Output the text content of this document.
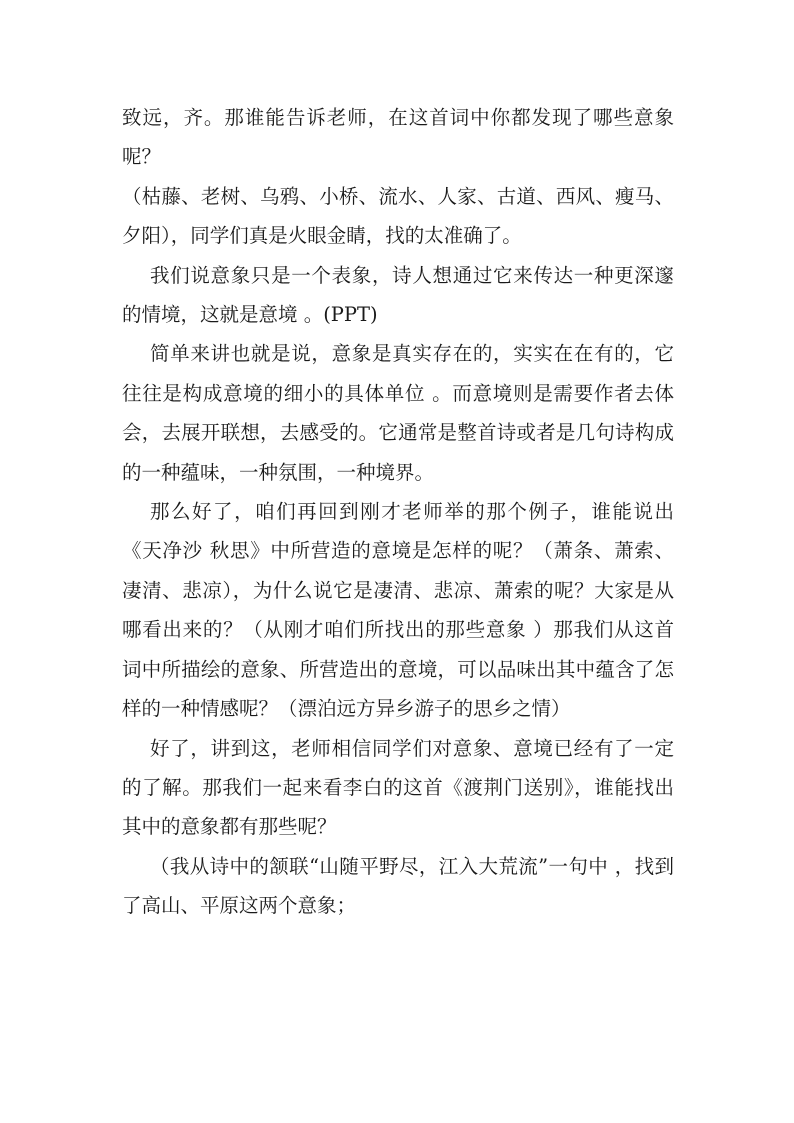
致远，齐。那谁能告诉老师，在这首词中你都发现了哪些意象呢？

（枯藤、老树、乌鸦、小桥、流水、人家、古道、西风、瘦马、夕阳），同学们真是火眼金睛，找的太准确了。

我们说意象只是一个表象，诗人想通过它来传达一种更深邃的情境，这就是意境 。(PPT)

简单来讲也就是说，意象是真实存在的，实实在在有的，它往往是构成意境的细小的具体单位 。而意境则是需要作者去体会，去展开联想，去感受的。它通常是整首诗或者是几句诗构成的一种蕴味，一种氛围，一种境界。

那么好了，咱们再回到刚才老师举的那个例子，谁能说出《天净沙 秋思》中所营造的意境是怎样的呢？（萧条、萧索、凄清、悲凉），为什么说它是凄清、悲凉、萧索的呢？大家是从哪看出来的？（从刚才咱们所找出的那些意象 ）那我们从这首词中所描绘的意象、所营造出的意境，可以品味出其中蕴含了怎样的一种情感呢？（漂泊远方异乡游子的思乡之情）

好了，讲到这，老师相信同学们对意象、意境已经有了一定的了解。那我们一起来看李白的这首《渡荆门送别》，谁能找出其中的意象都有那些呢？

（我从诗中的颔联“山随平野尽，江入大荒流”一句中 ，找到了高山、平原这两个意象；
